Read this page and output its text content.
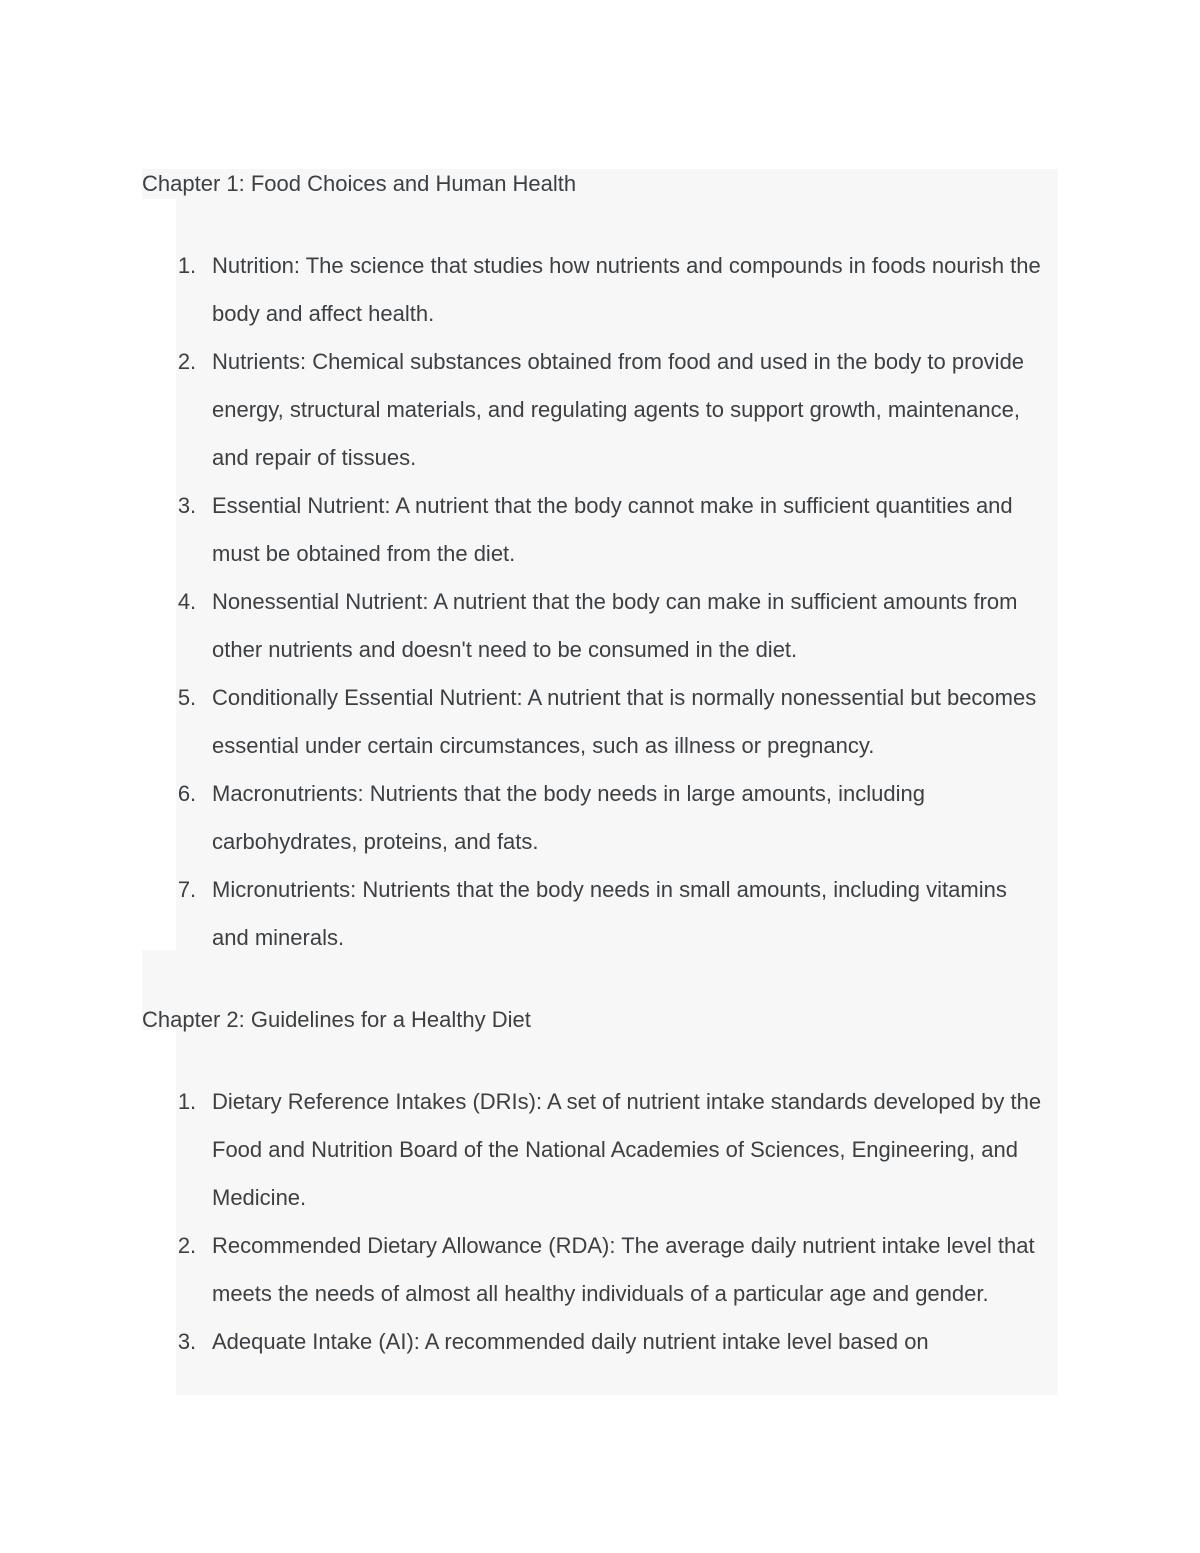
Chapter 1: Food Choices and Human Health
1. Nutrition: The science that studies how nutrients and compounds in foods nourish the body and affect health.
2. Nutrients: Chemical substances obtained from food and used in the body to provide energy, structural materials, and regulating agents to support growth, maintenance, and repair of tissues.
3. Essential Nutrient: A nutrient that the body cannot make in sufficient quantities and must be obtained from the diet.
4. Nonessential Nutrient: A nutrient that the body can make in sufficient amounts from other nutrients and doesn't need to be consumed in the diet.
5. Conditionally Essential Nutrient: A nutrient that is normally nonessential but becomes essential under certain circumstances, such as illness or pregnancy.
6. Macronutrients: Nutrients that the body needs in large amounts, including carbohydrates, proteins, and fats.
7. Micronutrients: Nutrients that the body needs in small amounts, including vitamins and minerals.
Chapter 2: Guidelines for a Healthy Diet
1. Dietary Reference Intakes (DRIs): A set of nutrient intake standards developed by the Food and Nutrition Board of the National Academies of Sciences, Engineering, and Medicine.
2. Recommended Dietary Allowance (RDA): The average daily nutrient intake level that meets the needs of almost all healthy individuals of a particular age and gender.
3. Adequate Intake (AI): A recommended daily nutrient intake level based on
